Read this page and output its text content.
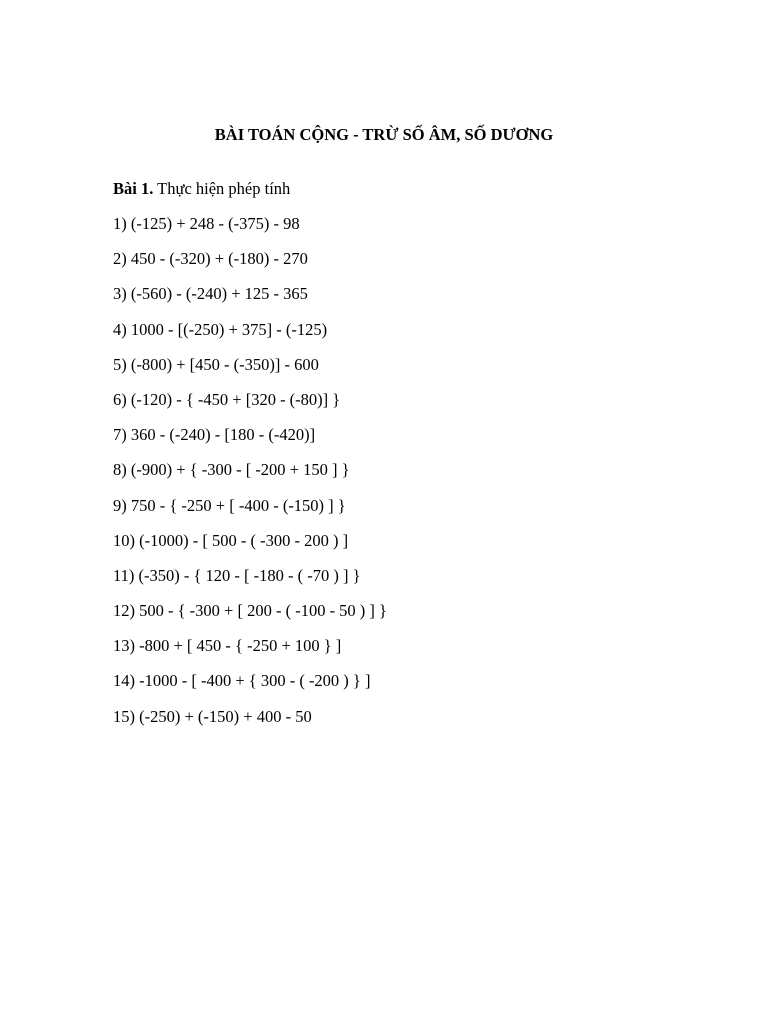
BÀI TOÁN CỘNG - TRỪ SỐ ÂM, SỐ DƯƠNG

Bài 1. Thực hiện phép tính

1) (-125) + 248 - (-375) - 98
2) 450 - (-320) + (-180) - 270
3) (-560) - (-240) + 125 - 365
4) 1000 - [(-250) + 375] - (-125)
5) (-800) + [450 - (-350)] - 600
6) (-120) - { -450 + [320 - (-80)] }
7) 360 - (-240) - [180 - (-420)]
8) (-900) + { -300 - [ -200 + 150 ] }
9) 750 - { -250 + [ -400 - (-150) ] }
10) (-1000) - [ 500 - ( -300 - 200 ) ]
11) (-350) - { 120 - [ -180 - ( -70 ) ] }
12) 500 - { -300 + [ 200 - ( -100 - 50 ) ] }
13) -800 + [ 450 - { -250 + 100 } ]
14) -1000 - [ -400 + { 300 - ( -200 ) } ]
15) (-250) + (-150) + 400 - 50
